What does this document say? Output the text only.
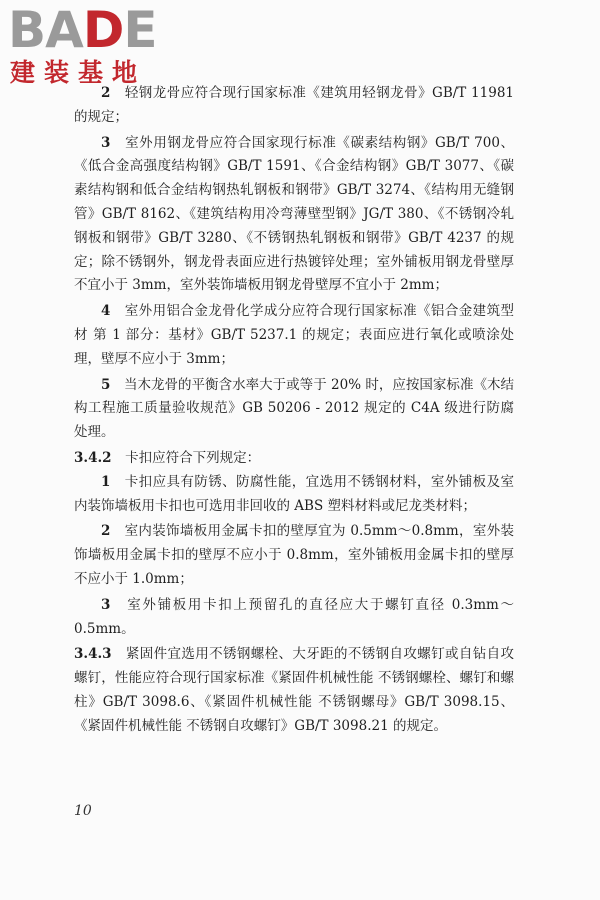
BADE
建装基地

2　 轻钢龙骨应符合现行国家标准《建筑用轻钢龙骨》GB/T 11981 的规定；

3　 室外用钢龙骨应符合国家现行标准《碳素结构钢》GB/T 700、《低合金高强度结构钢》GB/T 1591、《合金结构钢》GB/T 3077、《碳素结构钢和低合金结构钢热轧钢板和钢带》GB/T 3274、《结构用无缝钢管》GB/T 8162、《建筑结构用冷弯薄壁型钢》JG/T 380、《不锈钢冷轧钢板和钢带》GB/T 3280、《不锈钢热轧钢板和钢带》GB/T 4237 的规定；除不锈钢外，钢龙骨表面应进行热镀锌处理；室外铺板用钢龙骨壁厚不宜小于 3mm，室外装饰墙板用钢龙骨壁厚不宜小于 2mm；

4　 室外用铝合金龙骨化学成分应符合现行国家标准《铝合金建筑型材 第 1 部分：基材》GB/T 5237.1 的规定；表面应进行氧化或喷涂处理，壁厚不应小于 3mm；

5　 当木龙骨的平衡含水率大于或等于 20% 时，应按国家标准《木结构工程施工质量验收规范》GB 50206 - 2012 规定的 C4A 级进行防腐处理。

3.4.2　 卡扣应符合下列规定：

1　 卡扣应具有防锈、防腐性能，宜选用不锈钢材料，室外铺板及室内装饰墙板用卡扣也可选用非回收的 ABS 塑料材料或尼龙类材料；

2　 室内装饰墙板用金属卡扣的壁厚宜为 0.5mm～0.8mm，室外装饰墙板用金属卡扣的壁厚不应小于 0.8mm，室外铺板用金属卡扣的壁厚不应小于 1.0mm；

3　 室外铺板用卡扣上预留孔的直径应大于螺钉直径 0.3mm～0.5mm。

3.4.3　 紧固件宜选用不锈钢螺栓、大牙距的不锈钢自攻螺钉或自钻自攻螺钉，性能应符合现行国家标准《紧固件机械性能 不锈钢螺栓、螺钉和螺柱》GB/T 3098.6、《紧固件机械性能 不锈钢螺母》GB/T 3098.15、《紧固件机械性能 不锈钢自攻螺钉》GB/T 3098.21 的规定。

10
